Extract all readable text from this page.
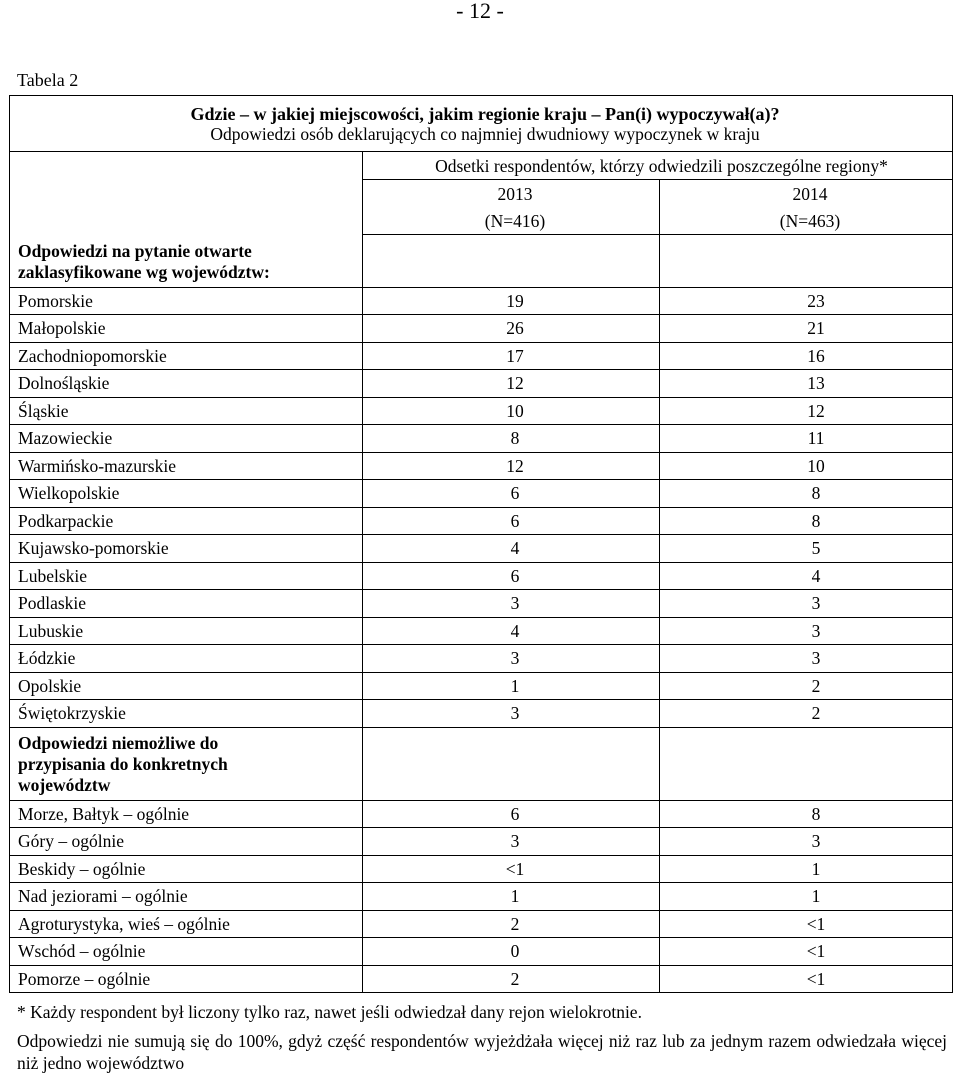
- 12 -
Tabela 2
Gdzie – w jakiej miejscowości, jakim regionie kraju – Pan(i) wypoczywał(a)?
Odpowiedzi osób deklarujących co najmniej dwudniowy wypoczynek w kraju		

	Odsetki respondentów, którzy odwiedzili poszczególne regiony*	
	2013	2014
	(N=416)	(N=463)
Odpowiedzi na pytanie otwarte zaklasyfikowane wg województw:		
Pomorskie	19	23
Małopolskie	26	21
Zachodniopomorskie	17	16
Dolnośląskie	12	13
Śląskie	10	12
Mazowieckie	8	11
Warmińsko-mazurskie	12	10
Wielkopolskie	6	8
Podkarpackie	6	8
Kujawsko-pomorskie	4	5
Lubelskie	6	4
Podlaskie	3	3
Lubuskie	4	3
Łódzkie	3	3
Opolskie	1	2
Świętokrzyskie	3	2
Odpowiedzi niemożliwe do przypisania do konkretnych województw		
Morze, Bałtyk – ogólnie	6	8
Góry – ogólnie	3	3
Beskidy – ogólnie	<1	1
Nad jeziorami – ogólnie	1	1
Agroturystyka, wieś – ogólnie	2	<1
Wschód – ogólnie	0	<1
Pomorze – ogólnie	2	<1
* Każdy respondent był liczony tylko raz, nawet jeśli odwiedzał dany rejon wielokrotnie.
Odpowiedzi nie sumują się do 100%, gdyż część respondentów wyjeżdżała więcej niż raz lub za jednym razem odwiedzała więcej niż jedno województwo
